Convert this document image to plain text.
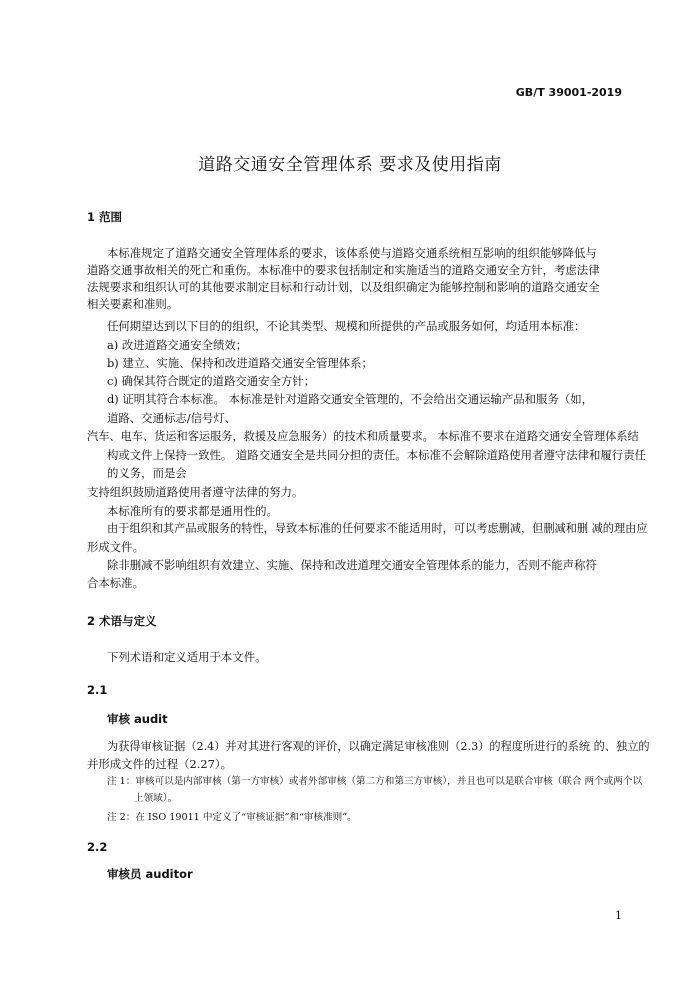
GB/T 39001-2019
道路交通安全管理体系 要求及使用指南
1 范围
本标准规定了道路交通安全管理体系的要求，该体系使与道路交通系统相互影响的组织能够降低与
道路交通事故相关的死亡和重伤。本标准中的要求包括制定和实施适当的道路交通安全方针，考虑法律
法规要求和组织认可的其他要求制定目标和行动计划，以及组织确定为能够控制和影响的道路交通安全
相关要素和准则。
任何期望达到以下目的的组织，不论其类型、规模和所提供的产品或服务如何，均适用本标准：
a) 改进道路交通安全绩效；
b) 建立、实施、保持和改进道路交通安全管理体系；
c) 确保其符合既定的道路交通安全方针；
d) 证明其符合本标准。 本标准是针对道路交通安全管理的，不会给出交通运输产品和服务（如，
道路、交通标志/信号灯、
汽车、电车、货运和客运服务，救援及应急服务）的技术和质量要求。 本标准不要求在道路交通安全管理体系结
构或文件上保持一致性。 道路交通安全是共同分担的责任。本标准不会解除道路使用者遵守法律和履行责任
的义务，而是会
支持组织鼓励道路使用者遵守法律的努力。
本标准所有的要求都是通用性的。
由于组织和其产品或服务的特性，导致本标准的任何要求不能适用时，可以考虑删减，但删减和删 减的理由应
形成文件。
除非删减不影响组织有效建立、实施、保持和改进道理交通安全管理体系的能力，否则不能声称符
合本标准。
2 术语与定义
下列术语和定义适用于本文件。
2.1
审核 audit
为获得审核证据（2.4）并对其进行客观的评价，以确定满足审核准则（2.3）的程度所进行的系统 的、独立的
并形成文件的过程（2.27）。
注 1：审核可以是内部审核（第一方审核）或者外部审核（第二方和第三方审核），并且也可以是联合审核（联合 两个或两个以
上领域）。
注 2：在 ISO 19011 中定义了“审核证据”和“审核准则”。
2.2
审核员 auditor
1
